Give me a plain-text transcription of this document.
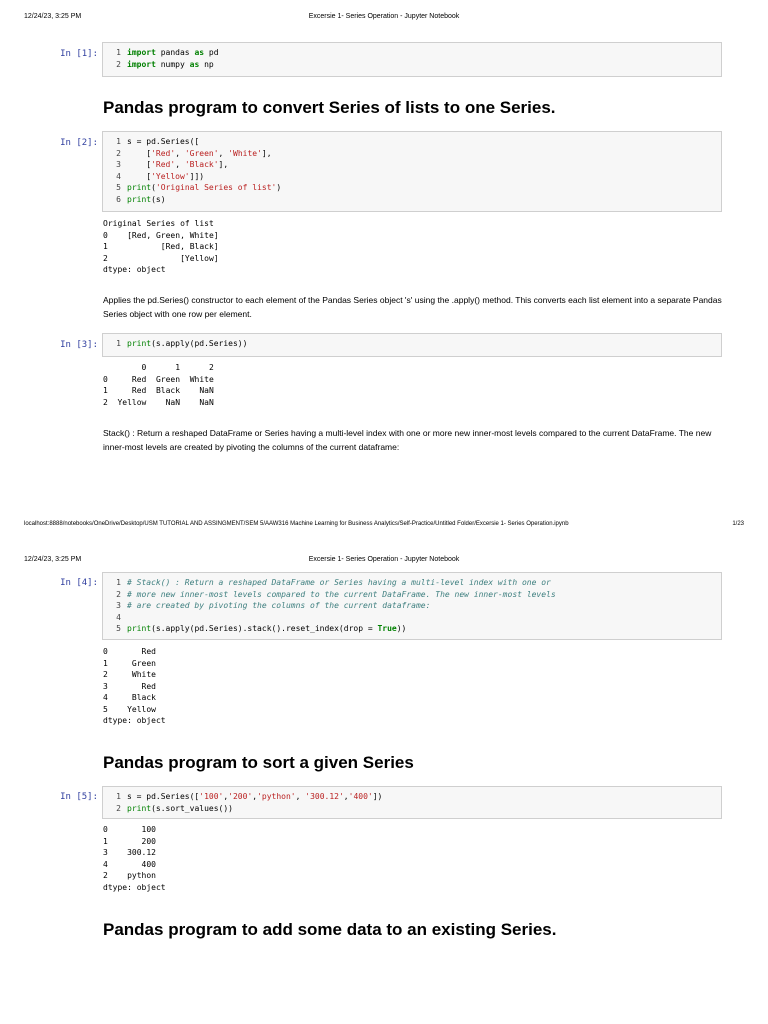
12/24/23, 3:25 PM	Excersie 1- Series Operation - Jupyter Notebook
In [1]:	1 import pandas as pd
2 import numpy as np
Pandas program to convert Series of lists to one Series.
In [2]:	1 s = pd.Series([
2 [ 'Red' , 'Green' , 'White' ],
3 [ 'Red' , 'Black' ],
4 [ 'Yellow' ]])
5 print ( 'Original Series of list' )
6 print (s)
Original Series of list
0    [Red, Green, White]
1           [Red, Black]
2               [Yellow]
dtype: object

Applies the pd.Series() constructor to each element of the Pandas Series object 's' using the .apply() method. This converts each list element into a separate Pandas Series object with one row per element.

In [3]:	1 print (s.apply(pd.Series))
0      1      2
0     Red  Green  White
1     Red  Black    NaN
2  Yellow    NaN    NaN

Stack() : Return a reshaped DataFrame or Series having a multi-level index with one or more new inner-most levels compared to the current DataFrame. The new inner-most levels are created by pivoting the columns of the current dataframe:

localhost:8888/notebooks/OneDrive/Desktop/USM TUTORIAL AND ASSINGMENT/SEM 5/AAW316 Machine Learning for Business Analytics/Self-Practice/Untitled Folder/Excersie 1- Series Operation.ipynb	1/23
12/24/23, 3:25 PM	Excersie 1- Series Operation - Jupyter Notebook
In [4]:	1 # Stack() : Return a reshaped DataFrame or Series having a multi-level index with one or
2 # more new inner-most levels compared to the current DataFrame. The new inner-most levels
3 # are created by pivoting the columns of the current dataframe:
4
5 print (s.apply(pd.Series).stack().reset_index(drop = True ))
0       Red
1     Green
2     White
3       Red
4     Black
5    Yellow
dtype: object
Pandas program to sort a given Series
In [5]:	1 s = pd.Series([ '100' , '200' , 'python' , '300.12' , '400' ])
2 print (s.sort_values())
0       100
1       200
3    300.12
4       400
2    python
dtype: object
Pandas program to add some data to an existing Series.
